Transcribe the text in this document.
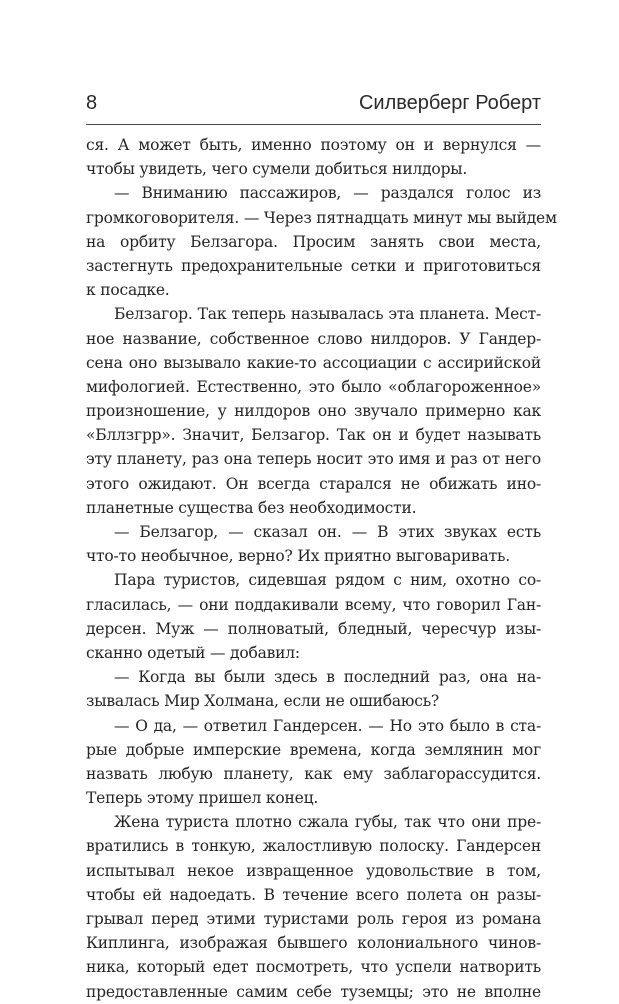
8	Силверберг Роберт
ся. А может быть, именно поэтому он и вернулся —
чтобы увидеть, чего сумели добиться нилдоры.
— Вниманию пассажиров, — раздался голос из
громкоговорителя. — Через пятнадцать минут мы выйдем
на орбиту Белзагора. Просим занять свои места,
застегнуть предохранительные сетки и приготовиться
к посадке.
Белзагор. Так теперь называлась эта планета. Мест-
ное название, собственное слово нилдоров. У Гандер-
сена оно вызывало какие-то ассоциации с ассирийской
мифологией. Естественно, это было «облагороженное»
произношение, у нилдоров оно звучало примерно как
«Бллзгрр». Значит, Белзагор. Так он и будет называть
эту планету, раз она теперь носит это имя и раз от него
этого ожидают. Он всегда старался не обижать ино-
планетные существа без необходимости.
— Белзагор, — сказал он. — В этих звуках есть
что-то необычное, верно? Их приятно выговаривать.
Пара туристов, сидевшая рядом с ним, охотно со-
гласилась, — они поддакивали всему, что говорил Ган-
дерсен. Муж — полноватый, бледный, чересчур изы-
сканно одетый — добавил:
— Когда вы были здесь в последний раз, она на-
зывалась Мир Холмана, если не ошибаюсь?
— О да, — ответил Гандерсен. — Но это было в ста-
рые добрые имперские времена, когда землянин мог
назвать любую планету, как ему заблагорассудится.
Теперь этому пришел конец.
Жена туриста плотно сжала губы, так что они пре-
вратились в тонкую, жалостливую полоску. Гандерсен
испытывал некое извращенное удовольствие в том,
чтобы ей надоедать. В течение всего полета он разы-
грывал перед этими туристами роль героя из романа
Киплинга, изображая бывшего колониального чинов-
ника, который едет посмотреть, что успели натворить
предоставленные самим себе туземцы; это не вполне
